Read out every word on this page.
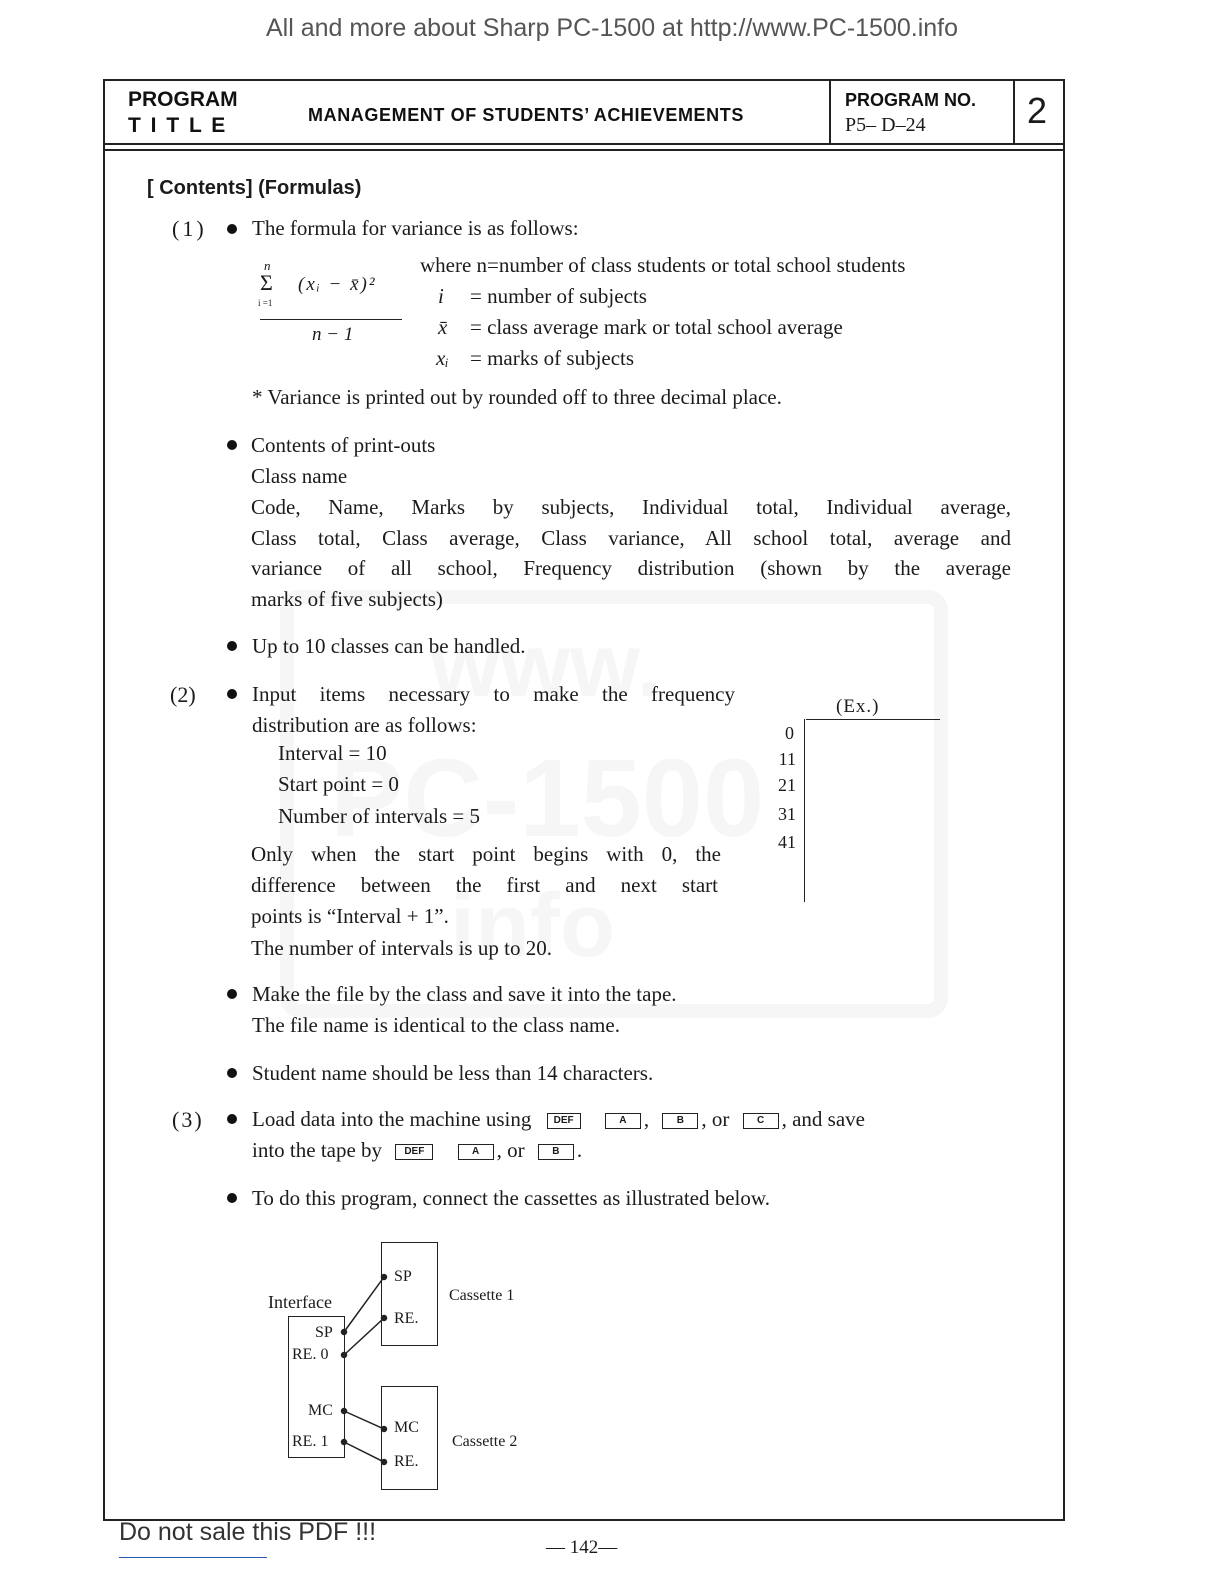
All and more about Sharp PC-1500 at http://www.PC-1500.info
PROGRAM
T I T L E	MANAGEMENT OF STUDENTS’ ACHIEVEMENTS
PROGRAM NO.
P5– D–24	2
[ Contents] (Formulas)
(1) The formula for variance is as follows:
n
Σ
i =1
(xᵢ − x̄)²
n − 1
where n=number of class students or total school students
i = number of subjects
x̄ = class average mark or total school average
xᵢ = marks of subjects
* Variance is printed out by rounded off to three decimal place.
Contents of print-outs
Class name
Code, Name, Marks by subjects, Individual total, Individual average,
Class total, Class average, Class variance, All school total, average and
variance of all school, Frequency distribution (shown by the average
marks of five subjects)
Up to 10 classes can be handled.
(2)	Input items necessary to make the frequency
distribution are as follows:
Interval = 10
Start point = 0
Number of intervals = 5
Only when the start point begins with 0, the
difference between the first and next start
points is “Interval + 1”.
The number of intervals is up to 20.
(Ex.)
0
11
21
31
41
Make the file by the class and save it into the tape.
The file name is identical to the class name.
Student name should be less than 14 characters.
(3) Load data into the machine using DEF	A ,	B , or	C , and save
into the tape by DEF	A , or	B .
To do this program, connect the cassettes as illustrated below.
Interface
SP
RE. 0
MC
RE. 1
SP
RE.
Cassette 1
MC
RE.
Cassette 2
Do not sale this PDF !!!
— 142—
